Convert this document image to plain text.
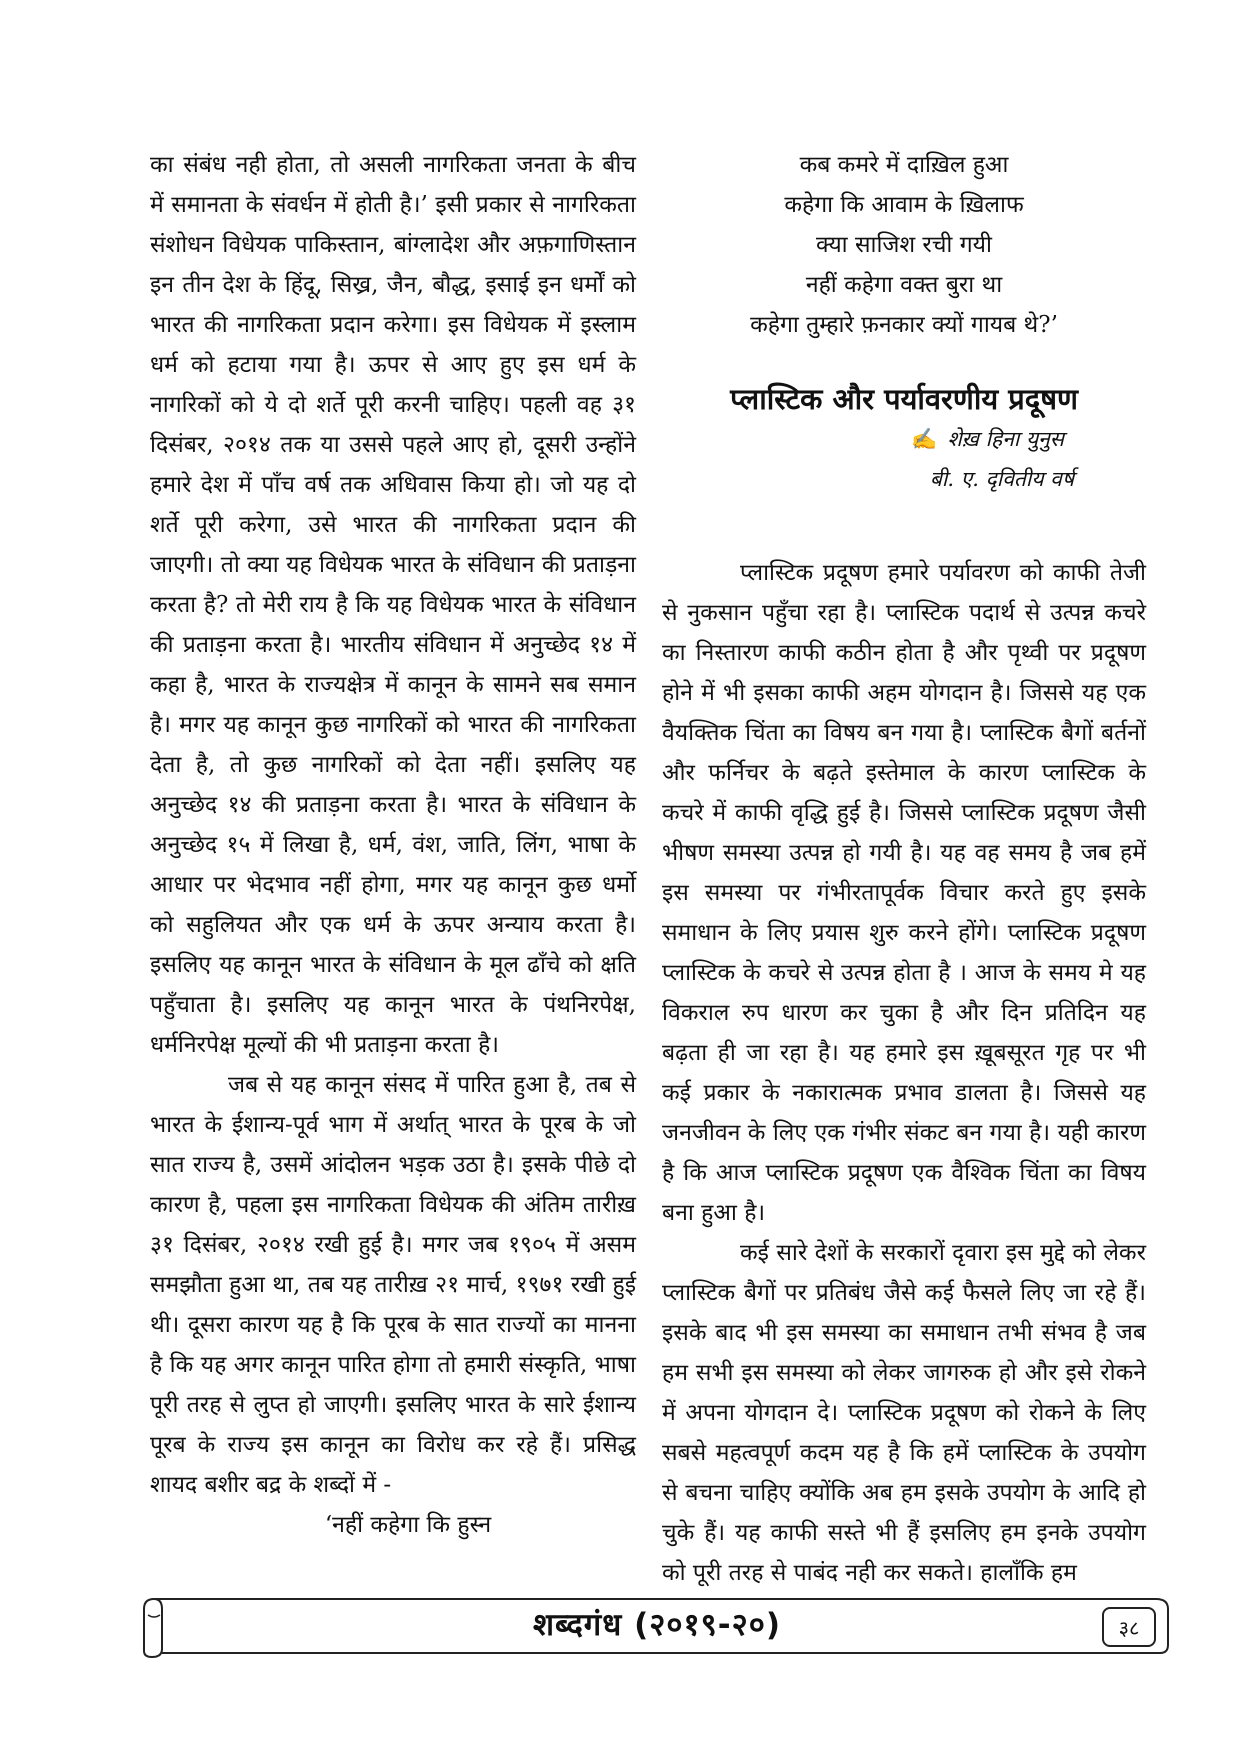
का संबंध नही होता, तो असली नागरिकता जनता के बीच में समानता के संवर्धन में होती है।’ इसी प्रकार से नागरिकता संशोधन विधेयक पाकिस्तान, बांग्लादेश और अफ़गाणिस्तान इन तीन देश के हिंदू, सिख्र, जैन, बौद्ध, इसाई इन धर्मों को भारत की नागरिकता प्रदान करेगा। इस विधेयक में इस्लाम धर्म को हटाया गया है। ऊपर से आए हुए इस धर्म के नागरिकों को ये दो शर्ते पूरी करनी चाहिए। पहली वह ३१ दिसंबर, २०१४ तक या उससे पहले आए हो, दूसरी उन्होंने हमारे देश में पाँच वर्ष तक अधिवास किया हो। जो यह दो शर्ते पूरी करेगा, उसे भारत की नागरिकता प्रदान की जाएगी। तो क्या यह विधेयक भारत के संविधान की प्रताड़ना करता है? तो मेरी राय है कि यह विधेयक भारत के संविधान की प्रताड़ना करता है। भारतीय संविधान में अनुच्छेद १४ में कहा है, भारत के राज्यक्षेत्र में कानून के सामने सब समान है। मगर यह कानून कुछ नागरिकों को भारत की नागरिकता देता है, तो कुछ नागरिकों को देता नहीं। इसलिए यह अनुच्छेद १४ की प्रताड़ना करता है। भारत के संविधान के अनुच्छेद १५ में लिखा है, धर्म, वंश, जाति, लिंग, भाषा के आधार पर भेदभाव नहीं होगा, मगर यह कानून कुछ धर्मो को सहुलियत और एक धर्म के ऊपर अन्याय करता है। इसलिए यह कानून भारत के संविधान के मूल ढाँचे को क्षति पहुँचाता है। इसलिए यह कानून भारत के पंथनिरपेक्ष, धर्मनिरपेक्ष मूल्यों की भी प्रताड़ना करता है।

जब से यह कानून संसद में पारित हुआ है, तब से भारत के ईशान्य-पूर्व भाग में अर्थात् भारत के पूरब के जो सात राज्य है, उसमें आंदोलन भड़क उठा है। इसके पीछे दो कारण है, पहला इस नागरिकता विधेयक की अंतिम तारीख़ ३१ दिसंबर, २०१४ रखी हुई है। मगर जब १९०५ में असम समझौता हुआ था, तब यह तारीख़ २१ मार्च, १९७१ रखी हुई थी। दूसरा कारण यह है कि पूरब के सात राज्यों का मानना है कि यह अगर कानून पारित होगा तो हमारी संस्कृति, भाषा पूरी तरह से लुप्त हो जाएगी। इसलिए भारत के सारे ईशान्य पूरब के राज्य इस कानून का विरोध कर रहे हैं। प्रसिद्ध शायद बशीर बद्र के शब्दों में -

‘नहीं कहेगा कि हुस्न

कब कमरे में दाख़िल हुआ
कहेगा कि आवाम के ख़िलाफ
क्या साजिश रची गयी
नहीं कहेगा वक्त बुरा था
कहेगा तुम्हारे फ़नकार क्यों गायब थे?’
प्लास्टिक और पर्यावरणीय प्रदूषण
✍ शेख़ हिना युनुस
बी. ए. दृवितीय वर्ष

प्लास्टिक प्रदूषण हमारे पर्यावरण को काफी तेजी से नुकसान पहुँचा रहा है। प्लास्टिक पदार्थ से उत्पन्न कचरे का निस्तारण काफी कठीन होता है और पृथ्वी पर प्रदूषण होने में भी इसका काफी अहम योगदान है। जिससे यह एक वैयक्तिक चिंता का विषय बन गया है। प्लास्टिक बैगों बर्तनों और फर्निचर के बढ़ते इस्तेमाल के कारण प्लास्टिक के कचरे में काफी वृद्धि हुई है। जिससे प्लास्टिक प्रदूषण जैसी भीषण समस्या उत्पन्न हो गयी है। यह वह समय है जब हमें इस समस्या पर गंभीरतापूर्वक विचार करते हुए इसके समाधान के लिए प्रयास शुरु करने होंगे। प्लास्टिक प्रदूषण प्लास्टिक के कचरे से उत्पन्न होता है । आज के समय मे यह विकराल रुप धारण कर चुका है और दिन प्रतिदिन यह बढ़ता ही जा रहा है। यह हमारे इस ख़ूबसूरत गृह पर भी कई प्रकार के नकारात्मक प्रभाव डालता है। जिससे यह जनजीवन के लिए एक गंभीर संकट बन गया है। यही कारण है कि आज प्लास्टिक प्रदूषण एक वैश्विक चिंता का विषय बना हुआ है।

कई सारे देशों के सरकारों दृवारा इस मुद्दे को लेकर प्लास्टिक बैगों पर प्रतिबंध जैसे कई फैसले लिए जा रहे हैं। इसके बाद भी इस समस्या का समाधान तभी संभव है जब हम सभी इस समस्या को लेकर जागरुक हो और इसे रोकने में अपना योगदान दे। प्लास्टिक प्रदूषण को रोकने के लिए सबसे महत्वपूर्ण कदम यह है कि हमें प्लास्टिक के उपयोग से बचना चाहिए क्योंकि अब हम इसके उपयोग के आदि हो चुके हैं। यह काफी सस्ते भी हैं इसलिए हम इनके उपयोग को पूरी तरह से पाबंद नही कर सकते। हालाँकि हम

शब्दगंध (२०१९-२०)	३८
